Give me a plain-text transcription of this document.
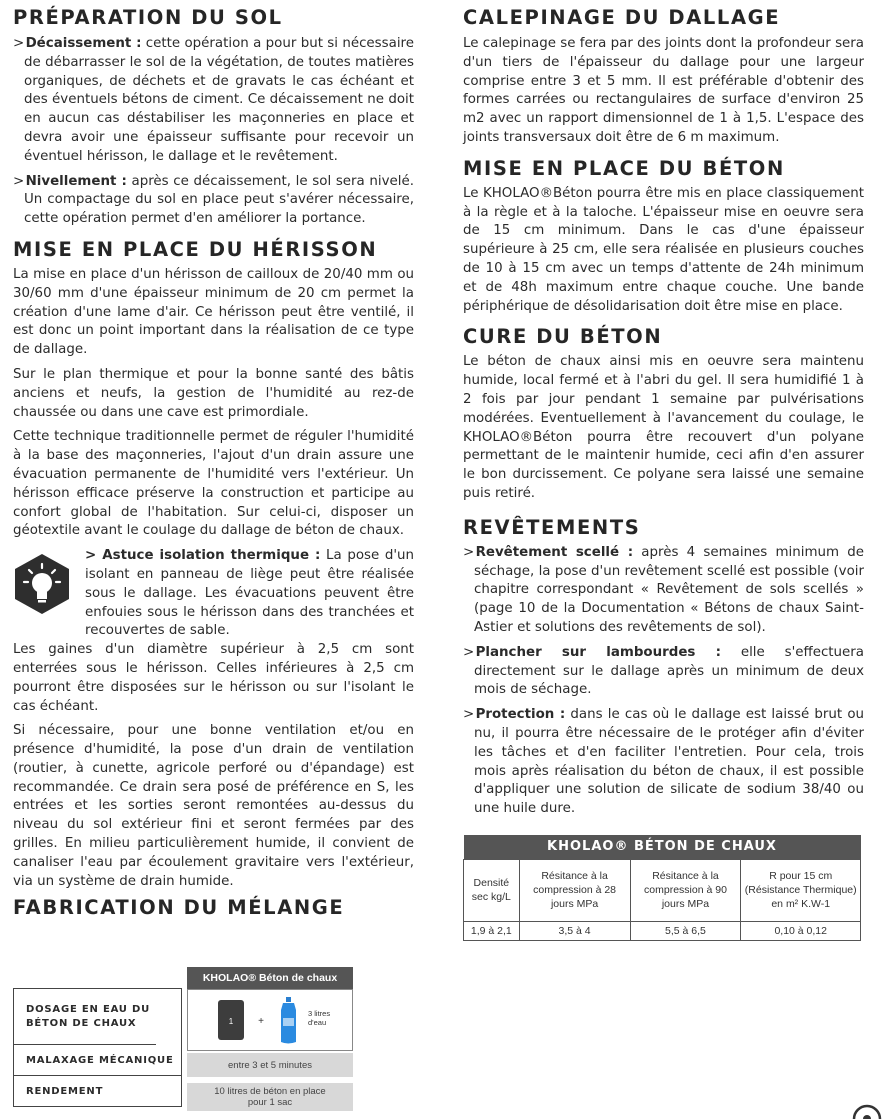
PRÉPARATION DU SOL

> Décaissement : cette opération a pour but si nécessaire de débarrasser le sol de la végétation, de toutes matières organiques, de déchets et de gravats le cas échéant et des éventuels bétons de ciment. Ce décaissement ne doit en aucun cas déstabiliser les maçonneries en place et devra avoir une épaisseur suffisante pour recevoir un éventuel hérisson, le dallage et le revêtement.

> Nivellement : après ce décaissement, le sol sera nivelé. Un compactage du sol en place peut s'avérer nécessaire, cette opération permet d'en améliorer la portance.

MISE EN PLACE DU HÉRISSON

La mise en place d'un hérisson de cailloux de 20/40 mm ou 30/60 mm d'une épaisseur minimum de 20 cm permet la création d'une lame d'air. Ce hérisson peut être ventilé, il est donc un point important dans la réalisation de ce type de dallage.

Sur le plan thermique et pour la bonne santé des bâtis anciens et neufs, la gestion de l'humidité au rez-de chaussée ou dans une cave est primordiale.

Cette technique traditionnelle permet de réguler l'humidité à la base des maçonneries, l'ajout d'un drain assure une évacuation permanente de l'humidité vers l'extérieur. Un hérisson efficace préserve la construction et participe au confort global de l'habitation. Sur celui-ci, disposer un géotextile avant le coulage du dallage de béton de chaux.

> Astuce isolation thermique : La pose d'un isolant en panneau de liège peut être réalisée sous le dallage. Les évacuations peuvent être enfouies sous le hérisson dans des tranchées et recouvertes de sable.

Les gaines d'un diamètre supérieur à 2,5 cm sont enterrées sous le hérisson. Celles inférieures à 2,5 cm pourront être disposées sur le hérisson ou sur l'isolant le cas échéant.

Si nécessaire, pour une bonne ventilation et/ou en présence d'humidité, la pose d'un drain de ventilation (routier, à cunette, agricole perforé ou d'épandage) est recommandée. Ce drain sera posé de préférence en S, les entrées et les sorties seront remontées au-dessus du niveau du sol extérieur fini et seront fermées par des grilles. En milieu particulièrement humide, il convient de canaliser l'eau par écoulement gravitaire vers l'extérieur, via un système de drain humide.

FABRICATION DU MÉLANGE
DOSAGE EN EAU DU BÉTON DE CHAUX
MALAXAGE MÉCANIQUE
RENDEMENT
KHOLAO® Béton de chaux
1 +
3 litres d'eau
entre 3 et 5 minutes
10 litres de béton en place pour 1 sac
CALEPINAGE DU DALLAGE

Le calepinage se fera par des joints dont la profondeur sera d'un tiers de l'épaisseur du dallage pour une largeur comprise entre 3 et 5 mm. Il est préférable d'obtenir des formes carrées ou rectangulaires de surface d'environ 25 m2 avec un rapport dimensionnel de 1 à 1,5. L'espace des joints transversaux doit être de 6 m maximum.

MISE EN PLACE DU BÉTON

Le KHOLAO®Béton pourra être mis en place classiquement à la règle et à la taloche. L'épaisseur mise en oeuvre sera de 15 cm minimum. Dans le cas d'une épaisseur supérieure à 25 cm, elle sera réalisée en plusieurs couches de 10 à 15 cm avec un temps d'attente de 24h minimum et de 48h maximum entre chaque couche. Une bande périphérique de désolidarisation doit être mise en place.

CURE DU BÉTON

Le béton de chaux ainsi mis en oeuvre sera maintenu humide, local fermé et à l'abri du gel. Il sera humidifié 1 à 2 fois par jour pendant 1 semaine par pulvérisations modérées. Eventuellement à l'avancement du coulage, le KHOLAO®Béton pourra être recouvert d'un polyane permettant de le maintenir humide, ceci afin d'en assurer le bon durcissement. Ce polyane sera laissé une semaine puis retiré.

REVÊTEMENTS

> Revêtement scellé : après 4 semaines minimum de séchage, la pose d'un revêtement scellé est possible (voir chapitre correspondant « Revêtement de sols scellés » (page 10 de la Documentation « Bétons de chaux Saint- Astier et solutions des revêtements de sol).

> Plancher sur lambourdes : elle s'effectuera directement sur le dallage après un minimum de deux mois de séchage.

> Protection : dans le cas où le dallage est laissé brut ou nu, il pourra être nécessaire de le protéger afin d'éviter les tâches et d'en faciliter l'entretien. Pour cela, trois mois après réalisation du béton de chaux, il est possible d'appliquer une solution de silicate de sodium 38/40 ou une huile dure.

KHOLAO® BÉTON DE CHAUX			
Densité sec kg/L	Résitance à la compression à 28 jours MPa	Résitance à la compression à 90 jours MPa	R pour 15 cm (Résistance Thermique) en m² K.W-1
1,9 à 2,1	3,5 à 4	5,5 à 6,5	0,10 à 0,12
